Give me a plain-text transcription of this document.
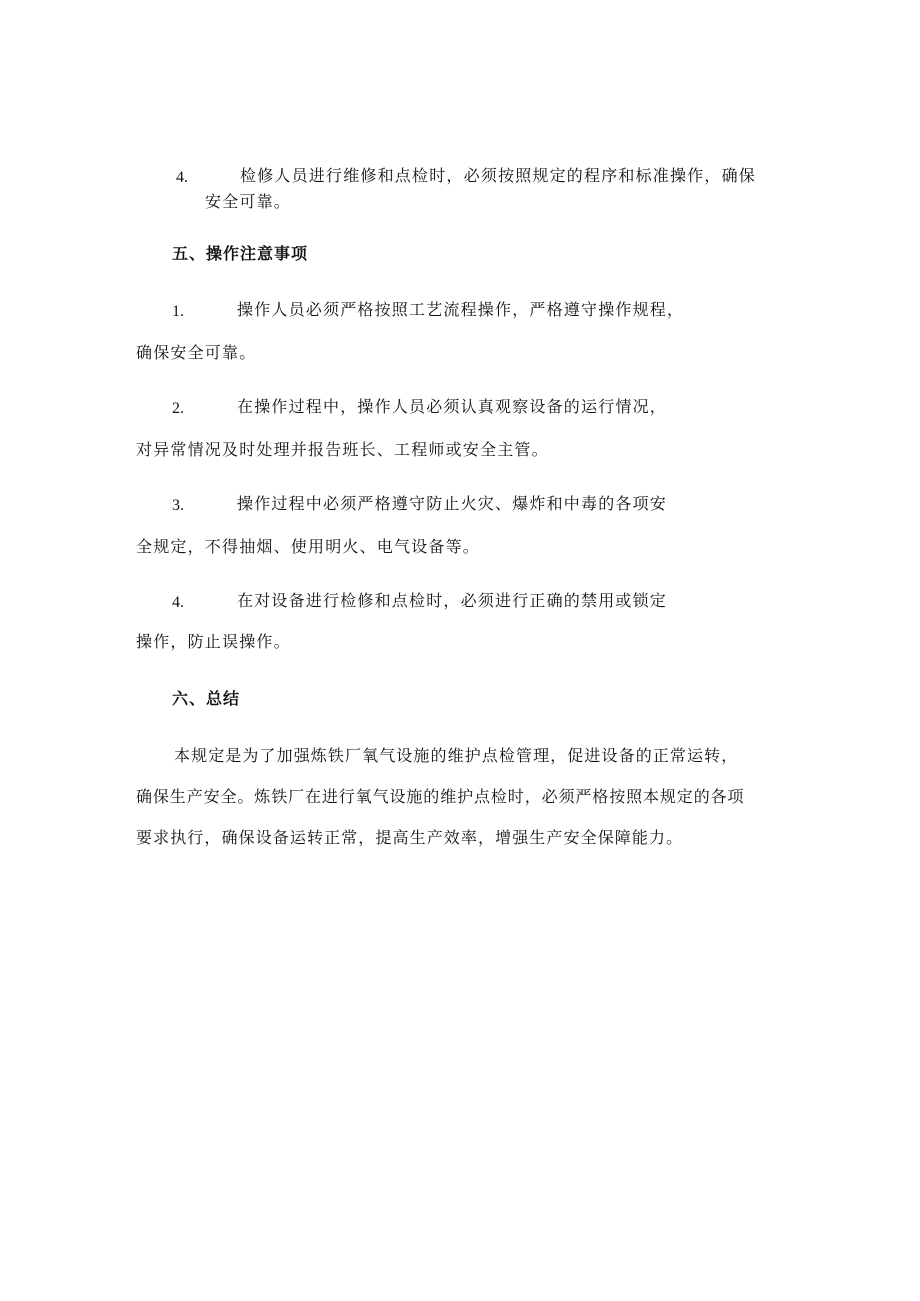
4.	检修人员进行维修和点检时，必须按照规定的程序和标准操作，确保
安全可靠。
五、操作注意事项
1.	操作人员必须严格按照工艺流程操作，严格遵守操作规程，
确保安全可靠。
2.	在操作过程中，操作人员必须认真观察设备的运行情况，
对异常情况及时处理并报告班长、工程师或安全主管。
3.	操作过程中必须严格遵守防止火灾、爆炸和中毒的各项安
全规定，不得抽烟、使用明火、电气设备等。
4.	在对设备进行检修和点检时，必须进行正确的禁用或锁定
操作，防止误操作。
六、总结
本规定是为了加强炼铁厂氧气设施的维护点检管理，促进设备的正常运转，
确保生产安全。炼铁厂在进行氧气设施的维护点检时，必须严格按照本规定的各项
要求执行，确保设备运转正常，提高生产效率，增强生产安全保障能力。
